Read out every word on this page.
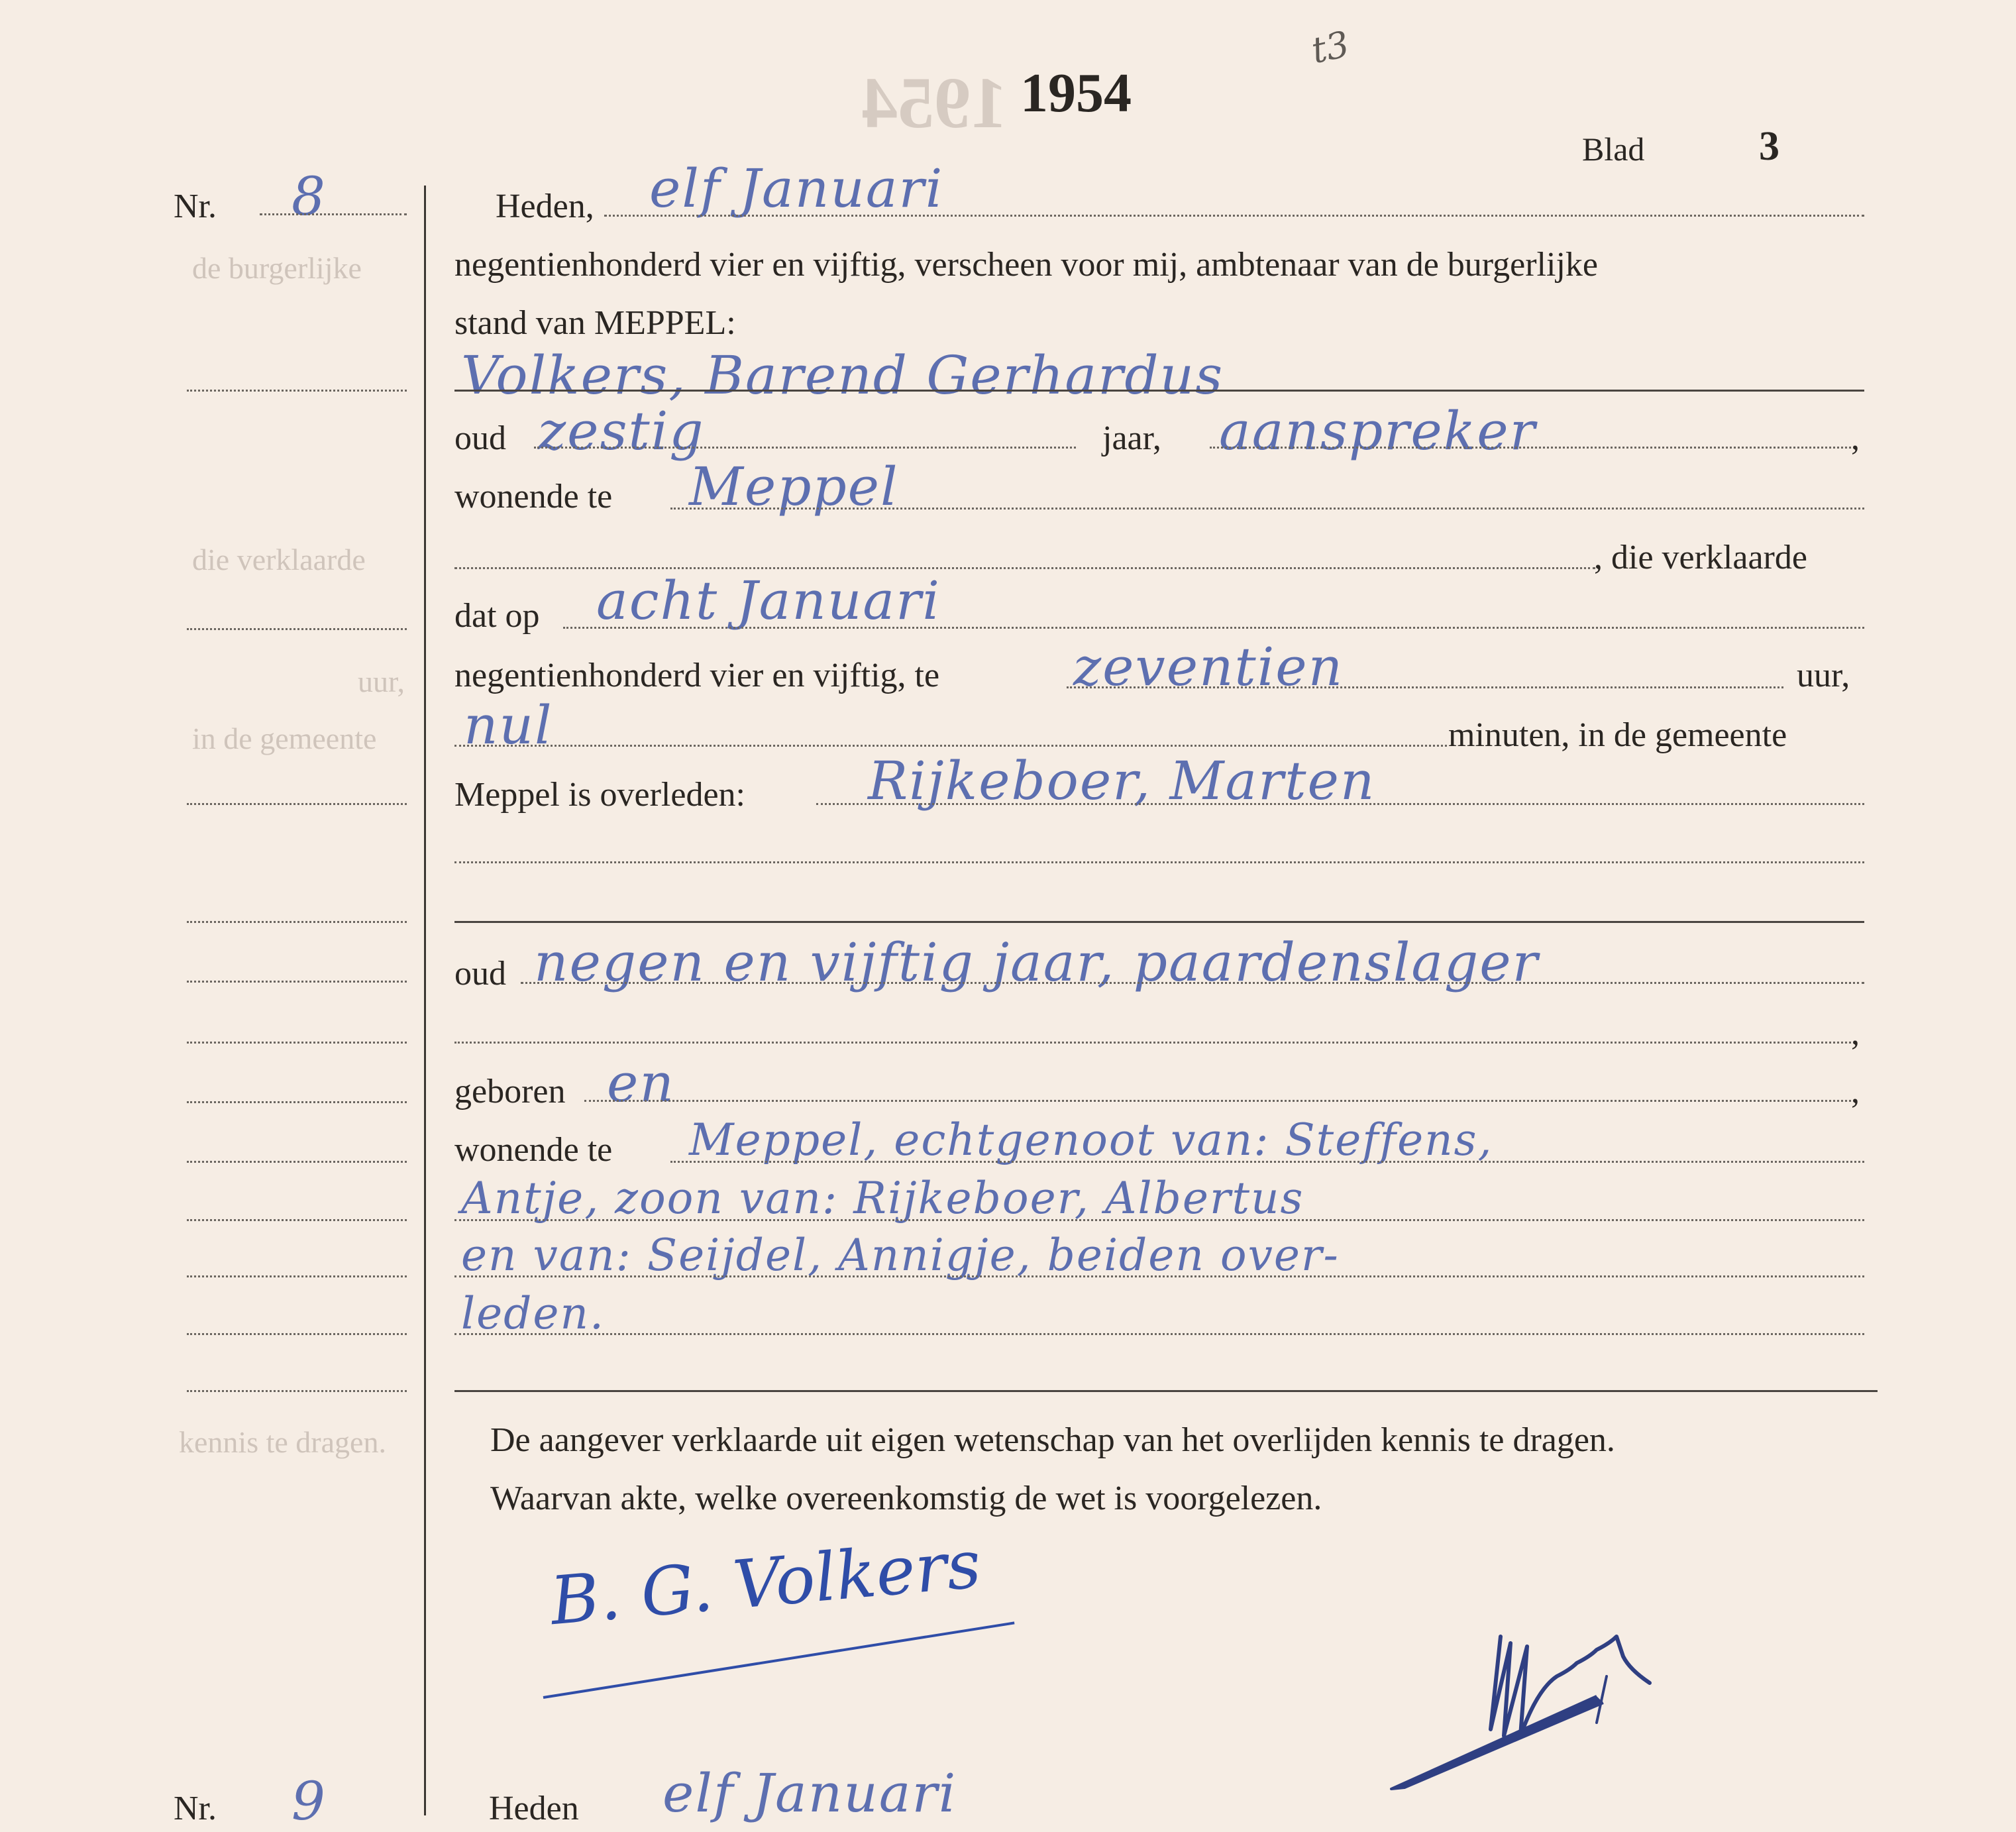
1954
de burgerlijke
die verklaarde
uur,
in de gemeente
kennis te dragen.
1954
t3
Blad	3
Nr. 8	Heden, elf Januari
negentienhonderd vier en vijftig, verscheen voor mij, ambtenaar van de burgerlijke
stand van MEPPEL:
Volkers, Barend Gerhardus
oud zestig	jaar, aanspreker	,
wonende te Meppel
, die verklaarde
dat op acht Januari
negentienhonderd vier en vijftig, te	zeventien	uur,
nul	minuten, in de gemeente
Meppel is overleden: Rijkeboer, Marten
oud negen en vijftig jaar, paardenslager
,
geboren en	,
wonende te Meppel, echtgenoot van: Steffens,
Antje, zoon van: Rijkeboer, Albertus
en van: Seijdel, Annigje, beiden over-
leden.
De aangever verklaarde uit eigen wetenschap van het overlijden kennis te dragen.
Waarvan akte, welke overeenkomstig de wet is voorgelezen.
B. G. Volkers
Nr. 9	Heden elf Januari
